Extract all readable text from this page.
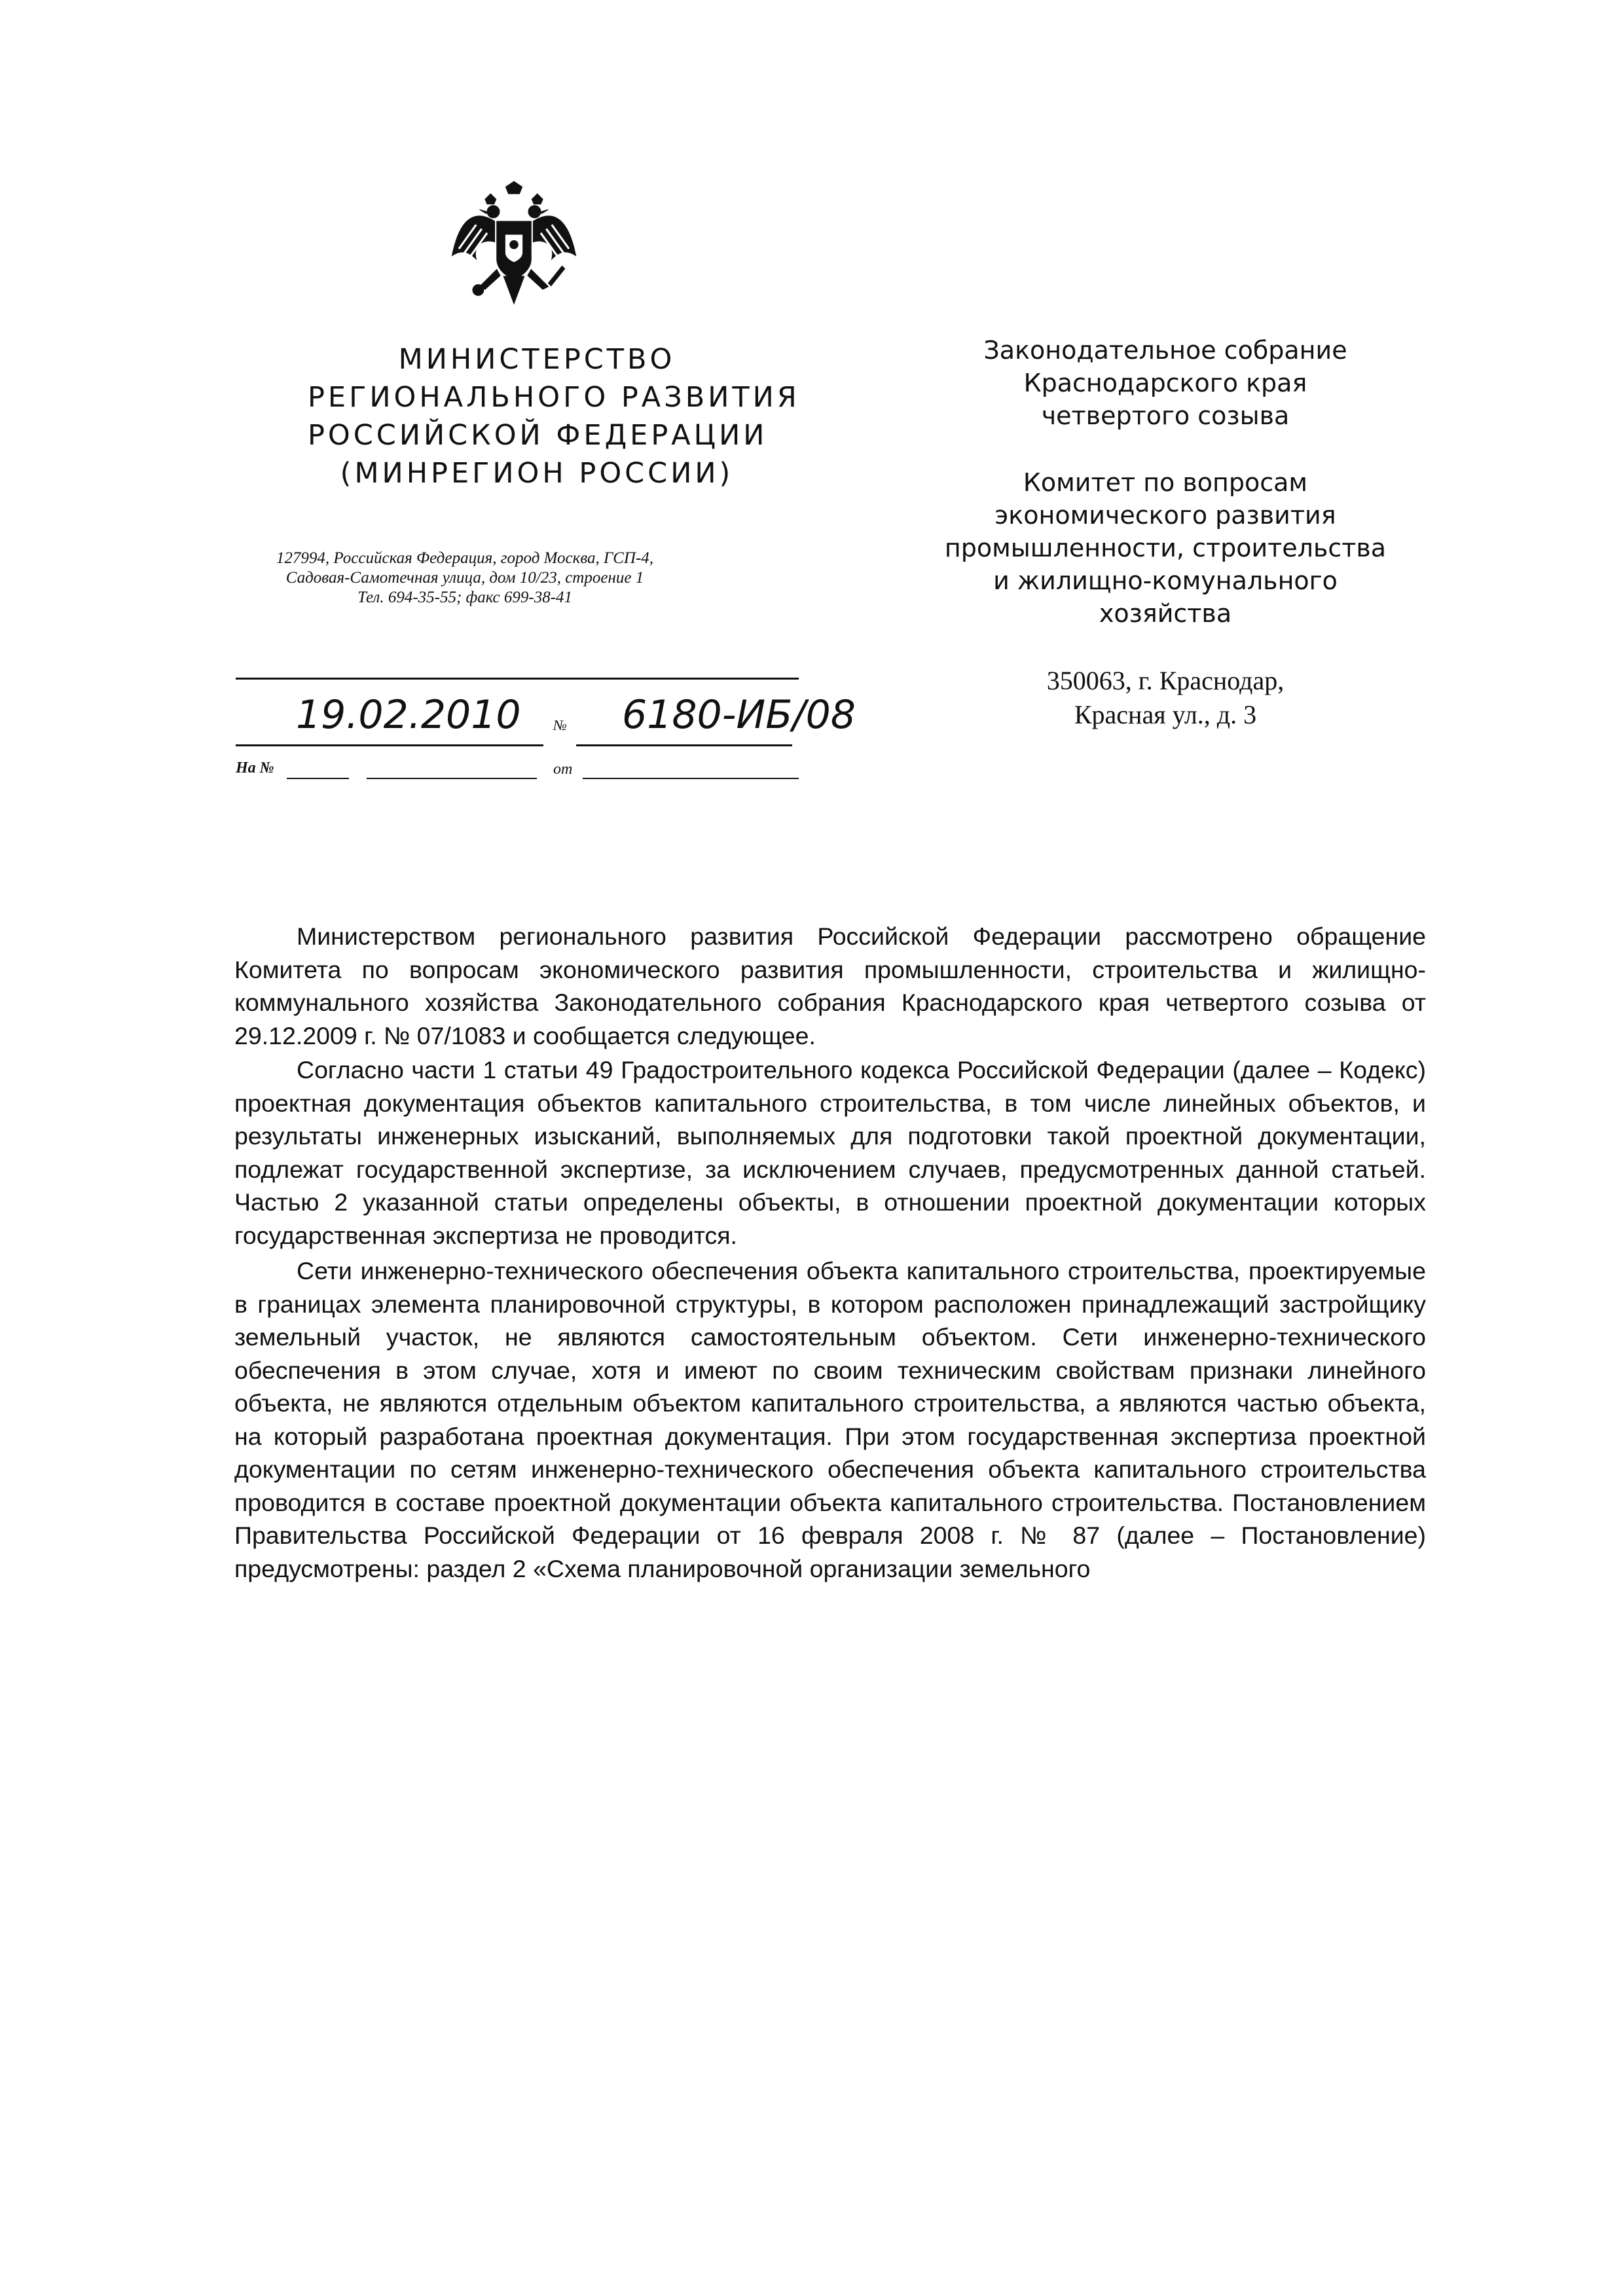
МИНИСТЕРСТВО
РЕГИОНАЛЬНОГО РАЗВИТИЯ
РОССИЙСКОЙ ФЕДЕРАЦИИ
(МИНРЕГИОН РОССИИ)
127994, Российская Федерация, город Москва, ГСП-4,
Садовая-Самотечная улица, дом 10/23, строение 1
Тел. 694-35-55; факс 699-38-41
19.02.2010 № 6180-ИБ/08
На №	от
Законодательное собрание
Краснодарского края
четвертого созыва
Комитет по вопросам
экономического развития
промышленности, строительства
и жилищно-комунального
хозяйства
350063, г. Краснодар,
Красная ул., д. 3

Министерством регионального развития Российской Федерации рассмотрено обращение Комитета по вопросам экономического развития промышленности, строительства и жилищно-коммунального хозяйства Законодательного собрания Краснодарского края четвертого созыва от 29.12.2009 г. № 07/1083 и сообщается следующее.

Согласно части 1 статьи 49 Градостроительного кодекса Российской Федерации (далее – Кодекс) проектная документация объектов капитального строительства, в том числе линейных объектов, и результаты инженерных изысканий, выполняемых для подготовки такой проектной документации, подлежат государственной экспертизе, за исключением случаев, предусмотренных данной статьей. Частью 2 указанной статьи определены объекты, в отношении проектной документации которых государственная экспертиза не проводится.

Сети инженерно-технического обеспечения объекта капитального строительства, проектируемые в границах элемента планировочной структуры, в котором расположен принадлежащий застройщику земельный участок, не являются самостоятельным объектом. Сети инженерно-технического обеспечения в этом случае, хотя и имеют по своим техническим свойствам признаки линейного объекта, не являются отдельным объектом капитального строительства, а являются частью объекта, на который разработана проектная документация. При этом государственная экспертиза проектной документации по сетям инженерно-технического обеспечения объекта капитального строительства проводится в составе проектной документации объекта капитального строительства. Постановлением Правительства Российской Федерации от 16 февраля 2008 г. № 87 (далее – Постановление) предусмотрены: раздел 2 «Схема планировочной организации земельного
